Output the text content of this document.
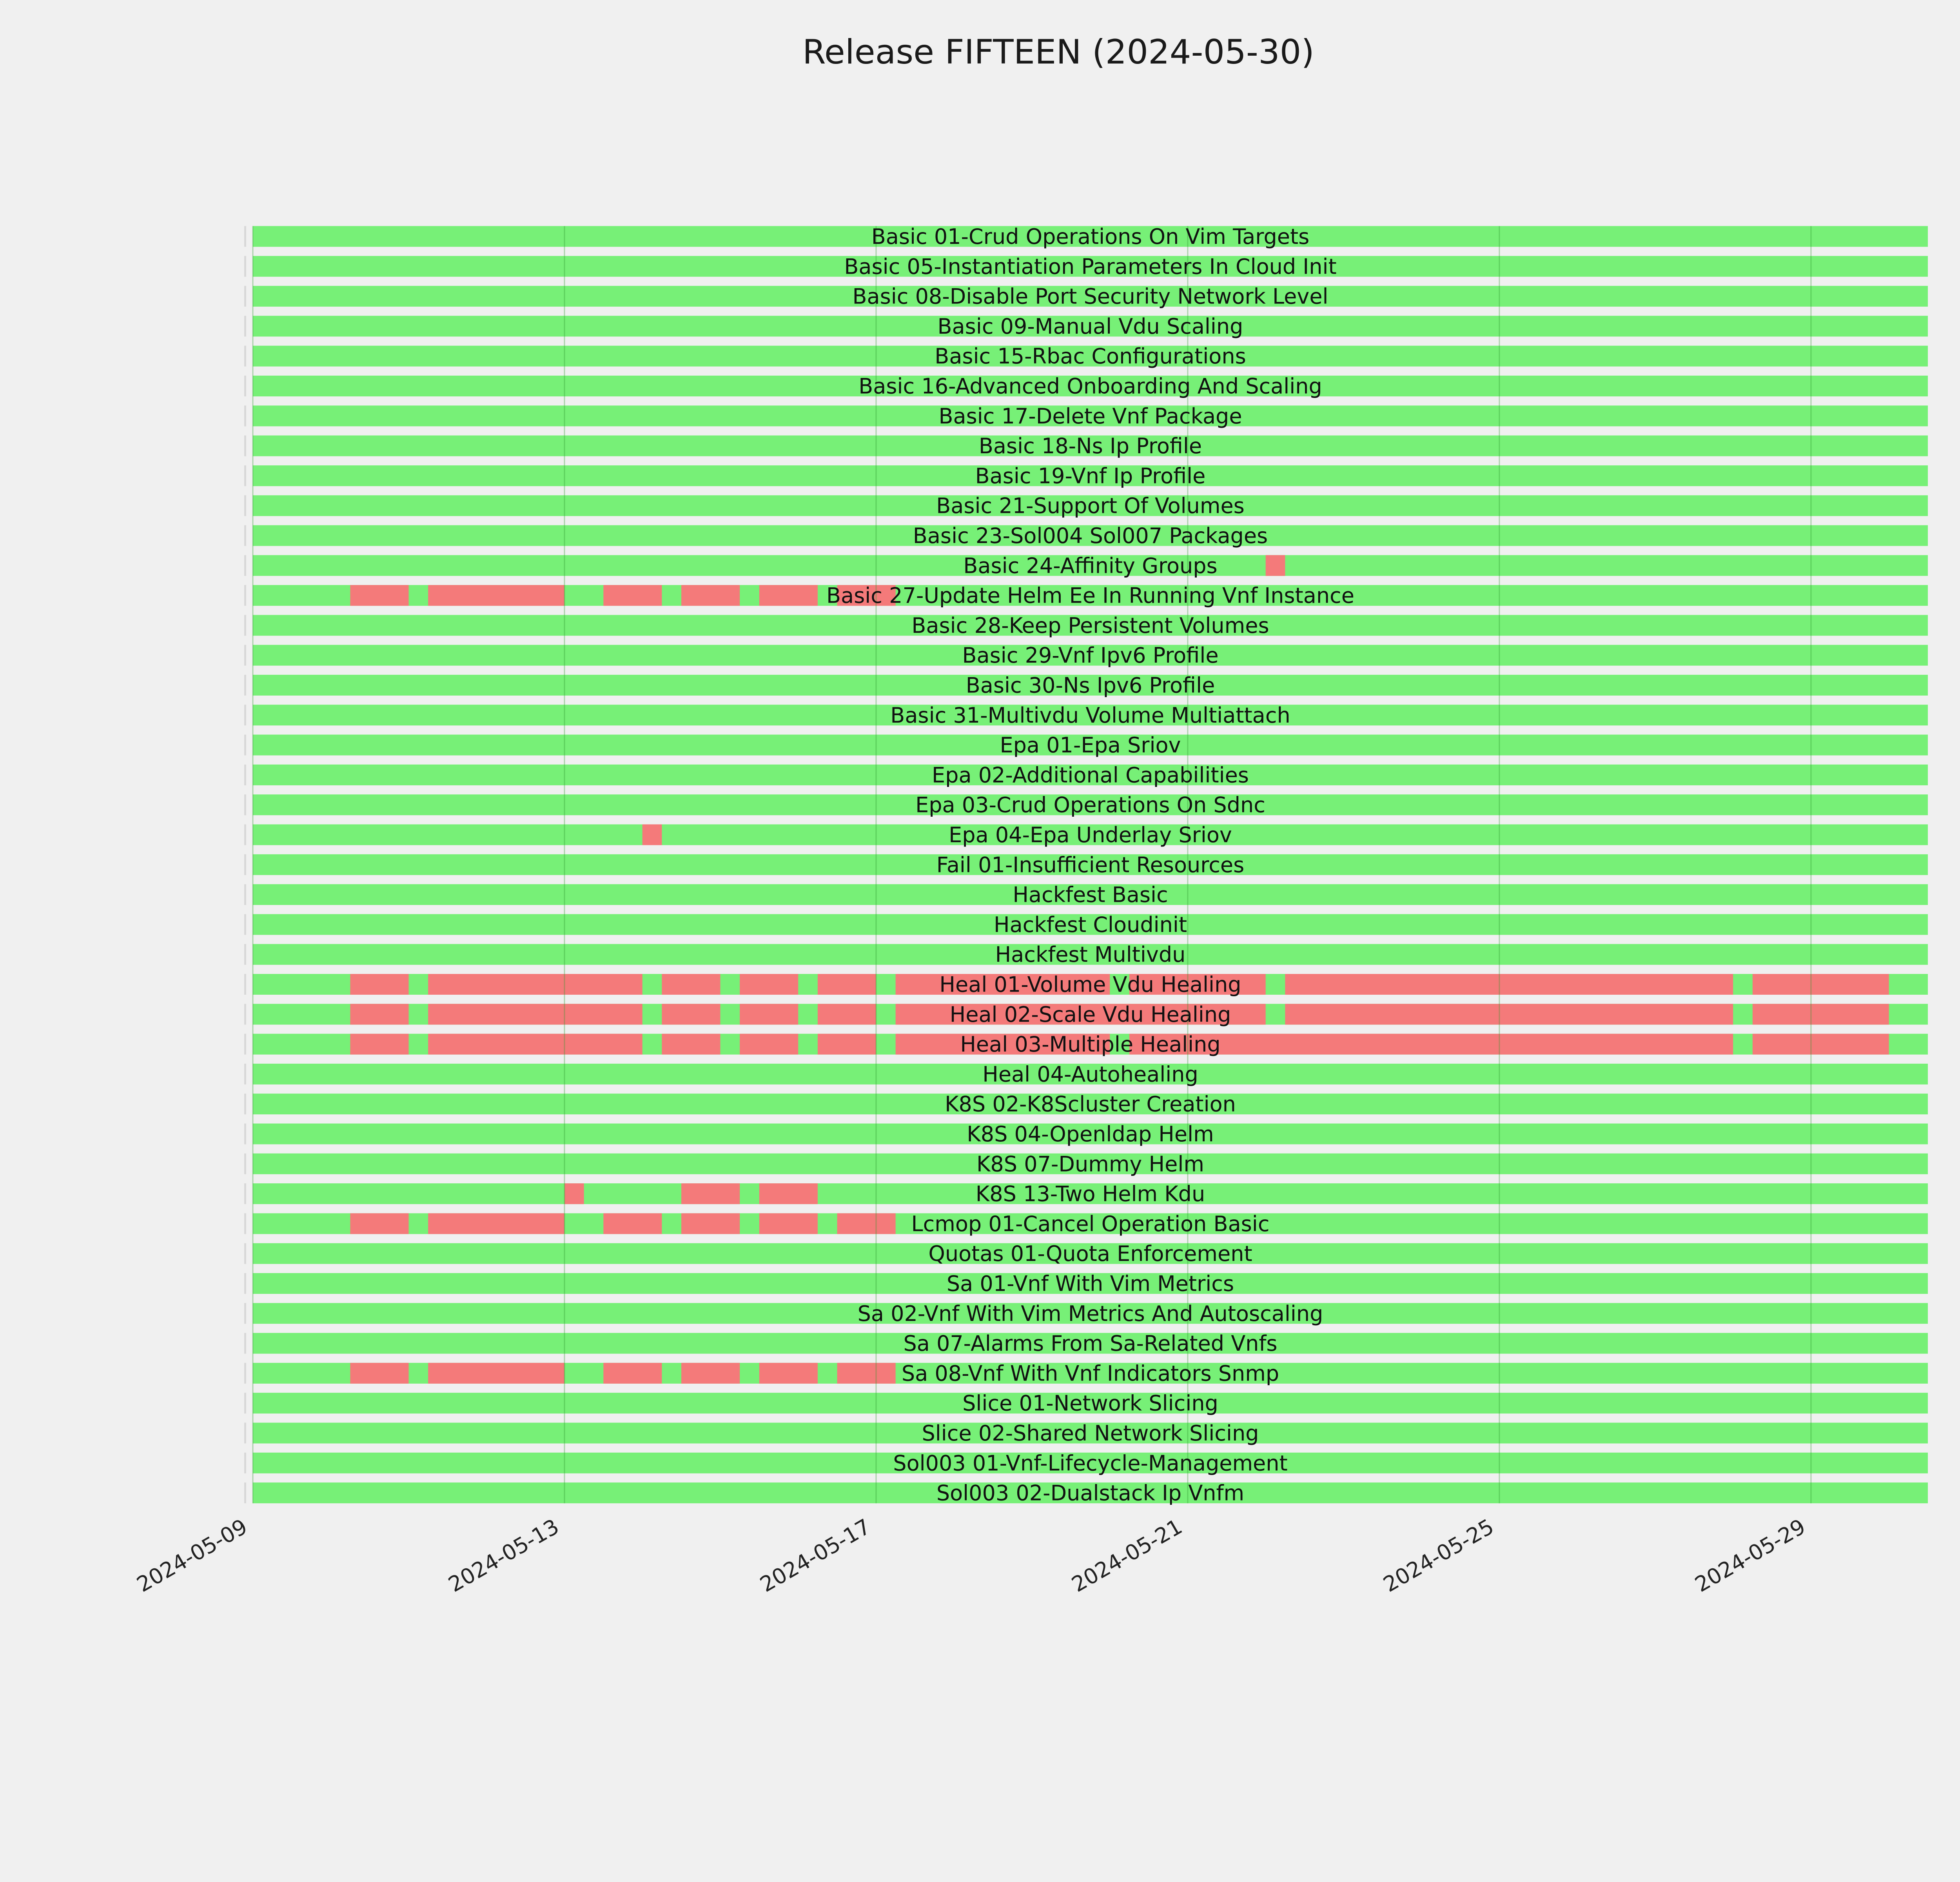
Release FIFTEEN (2024-05-30)
Basic 01-Crud Operations On Vim Targets
Basic 05-Instantiation Parameters In Cloud Init
Basic 08-Disable Port Security Network Level
Basic 09-Manual Vdu Scaling
Basic 15-Rbac Configurations
Basic 16-Advanced Onboarding And Scaling
Basic 17-Delete Vnf Package
Basic 18-Ns Ip Profile
Basic 19-Vnf Ip Profile
Basic 21-Support Of Volumes
Basic 23-Sol004 Sol007 Packages
Basic 24-Affinity Groups
Basic 27-Update Helm Ee In Running Vnf Instance
Basic 28-Keep Persistent Volumes
Basic 29-Vnf Ipv6 Profile
Basic 30-Ns Ipv6 Profile
Basic 31-Multivdu Volume Multiattach
Epa 01-Epa Sriov
Epa 02-Additional Capabilities
Epa 03-Crud Operations On Sdnc
Epa 04-Epa Underlay Sriov
Fail 01-Insufficient Resources
Hackfest Basic
Hackfest Cloudinit
Hackfest Multivdu
Heal 01-Volume Vdu Healing
Heal 02-Scale Vdu Healing
Heal 03-Multiple Healing
Heal 04-Autohealing
K8S 02-K8Scluster Creation
K8S 04-Openldap Helm
K8S 07-Dummy Helm
K8S 13-Two Helm Kdu
Lcmop 01-Cancel Operation Basic
Quotas 01-Quota Enforcement
Sa 01-Vnf With Vim Metrics
Sa 02-Vnf With Vim Metrics And Autoscaling
Sa 07-Alarms From Sa-Related Vnfs
Sa 08-Vnf With Vnf Indicators Snmp
Slice 01-Network Slicing
Slice 02-Shared Network Slicing
Sol003 01-Vnf-Lifecycle-Management
Sol003 02-Dualstack Ip Vnfm
2024-05-09	2024-05-13	2024-05-17	2024-05-21	2024-05-25	2024-05-29
